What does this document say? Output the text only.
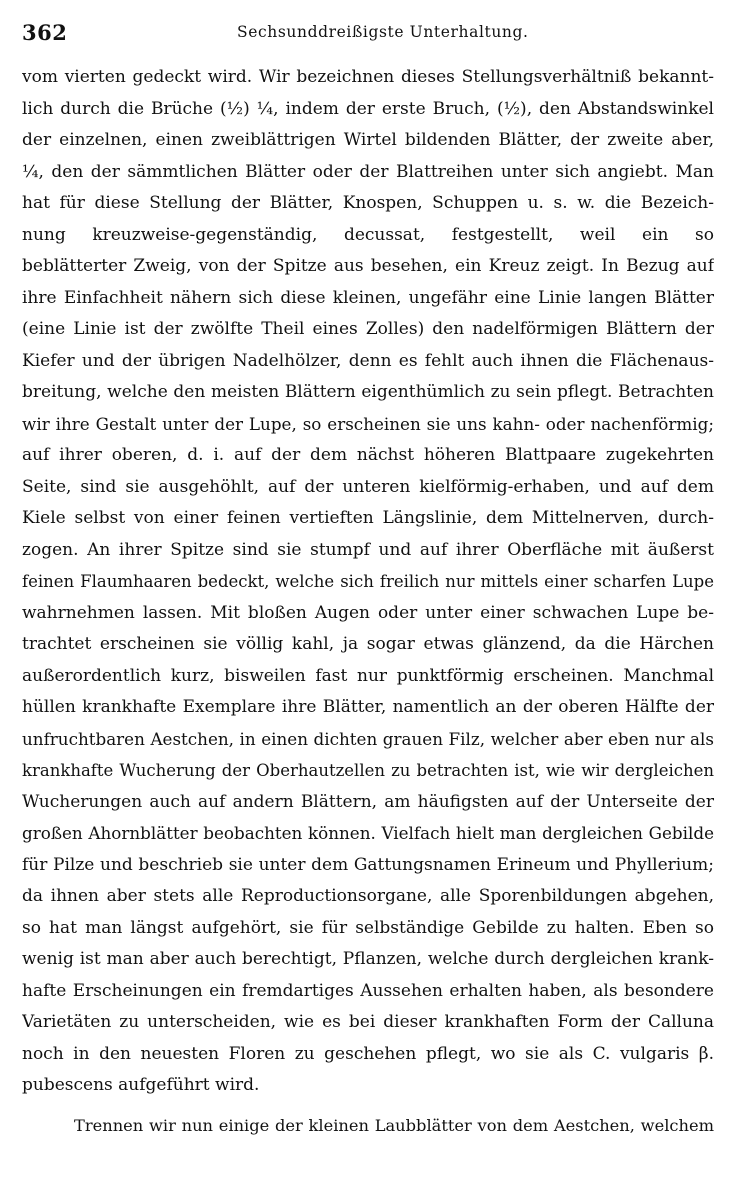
362	Sechsunddreißigste Unterhaltung.
vom vierten gedeckt wird. Wir bezeichnen dieses Stellungsverhältniß bekannt-
lich durch die Brüche (½) ¼, indem der erste Bruch, (½), den Abstandswinkel
der einzelnen, einen zweiblättrigen Wirtel bildenden Blätter, der zweite aber,
¼, den der sämmtlichen Blätter oder der Blattreihen unter sich angiebt. Man
hat für diese Stellung der Blätter, Knospen, Schuppen u. s. w. die Bezeich-
nung kreuzweise-gegenständig, decussat, festgestellt, weil ein so
beblätterter Zweig, von der Spitze aus besehen, ein Kreuz zeigt. In Bezug auf
ihre Einfachheit nähern sich diese kleinen, ungefähr eine Linie langen Blätter
(eine Linie ist der zwölfte Theil eines Zolles) den nadelförmigen Blättern der
Kiefer und der übrigen Nadelhölzer, denn es fehlt auch ihnen die Flächenaus-
breitung, welche den meisten Blättern eigenthümlich zu sein pflegt. Betrachten
wir ihre Gestalt unter der Lupe, so erscheinen sie uns kahn- oder nachenförmig;
auf ihrer oberen, d. i. auf der dem nächst höheren Blattpaare zugekehrten
Seite, sind sie ausgehöhlt, auf der unteren kielförmig-erhaben, und auf dem
Kiele selbst von einer feinen vertieften Längslinie, dem Mittelnerven, durch-
zogen. An ihrer Spitze sind sie stumpf und auf ihrer Oberfläche mit äußerst
feinen Flaumhaaren bedeckt, welche sich freilich nur mittels einer scharfen Lupe
wahrnehmen lassen. Mit bloßen Augen oder unter einer schwachen Lupe be-
trachtet erscheinen sie völlig kahl, ja sogar etwas glänzend, da die Härchen
außerordentlich kurz, bisweilen fast nur punktförmig erscheinen. Manchmal
hüllen krankhafte Exemplare ihre Blätter, namentlich an der oberen Hälfte der
unfruchtbaren Aestchen, in einen dichten grauen Filz, welcher aber eben nur als
krankhafte Wucherung der Oberhautzellen zu betrachten ist, wie wir dergleichen
Wucherungen auch auf andern Blättern, am häufigsten auf der Unterseite der
großen Ahornblätter beobachten können. Vielfach hielt man dergleichen Gebilde
für Pilze und beschrieb sie unter dem Gattungsnamen Erineum und Phyllerium;
da ihnen aber stets alle Reproductionsorgane, alle Sporenbildungen abgehen,
so hat man längst aufgehört, sie für selbständige Gebilde zu halten. Eben so
wenig ist man aber auch berechtigt, Pflanzen, welche durch dergleichen krank-
hafte Erscheinungen ein fremdartiges Aussehen erhalten haben, als besondere
Varietäten zu unterscheiden, wie es bei dieser krankhaften Form der Calluna
noch in den neuesten Floren zu geschehen pflegt, wo sie als C. vulgaris β.
pubescens aufgeführt wird.
Trennen wir nun einige der kleinen Laubblätter von dem Aestchen, welchem
